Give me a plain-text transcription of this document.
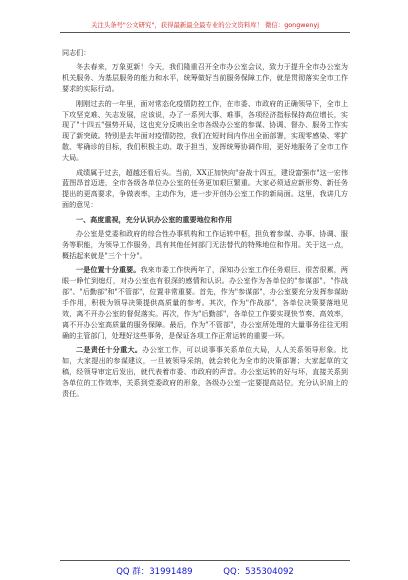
关注头条号"公文研究"，获得最新最全最专业的公文资料库！ 微信：gongwenyj

同志们：

冬去春来，万象更新！今天，我们隆重召开全市办公室会议，致力于提升全市办公室为机关服务、为基层服务的能力和水平，统筹做好当前服务保障工作，就是贯彻落实全市工作要求的实际行动。

刚刚过去的一年里，面对常态化疫情防控工作，在市委、市政府的正确领导下，全市上下攻坚克难、矢志发展，应该说，办了一系列大事、难事，各项经济指标保持高位增长，实现了"十四五"强势开局，这也充分反映出全市各级办公室的参谋、协调、督办、服务工作实现了新突破。特别是去年面对疫情防控，我们在短时间内作出全面部署，实现零感染、零扩散、零确诊的目标，我们积极主动、敢于担当，发挥统筹协调作用，更好地服务了全市工作大局。

成绩属于过去，超越还看后头。当前，XX正加快向"奋战十四五，建设富强市"这一宏伟蓝图昂首迈进，全市各级各单位办公室的任务更加艰巨繁重。大家必须适应新形势、新任务提出的更高要求，争做表率，主动作为，进一步开创办公室工作的新局面。这里，我讲几方面的意见：

一、高度重视，充分认识办公室的重要地位和作用

办公室是党委和政府的综合性办事机构和工作运转中枢，担负着参谋、办事、协调、服务等职能，为领导工作服务，具有其他任何部门无法替代的特殊地位和作用。关于这一点，概括起来就是"三个十分"。

一是位置十分重要。我来市委工作快两年了，深知办公室工作任务艰巨、很苦很累，两眼一睁忙到熄灯，对办公室也有很深的感情和认识。办公室作为各单位的"参谋部"、"作战部"、"后勤部"和"不管部"，位置非常重要。首先，作为"参谋部"，办公室要充分发挥参谋助手作用，积极为领导决策提供高质量的参考。其次，作为"作战部"，各单位决策要落地见效，离不开办公室的督促落实。再次，作为"后勤部"，各单位工作要实现快节奏、高效率，离不开办公室高质量的服务保障。最后，作为"不管部"，办公室所处理的大量事务往往无明确的主管部门，处理好这些事务，是保证各项工作正常运转的重要一环。

二是责任十分重大。办公室工作，可以说事事关系单位大局，人人关系领导形象。比如，大家提出的参谋建议，一旦被领导采纳，就会转化为全市的决策部署；大家起草的文稿，经领导审定后发出，就代表着市委、市政府的声音。办公室运转的好与坏，直接关系到各单位的工作效率，关系到党委政府的形象，各级办公室一定要提高站位，充分认识肩上的责任。

QQ 群：31991489	QQ：535304092
